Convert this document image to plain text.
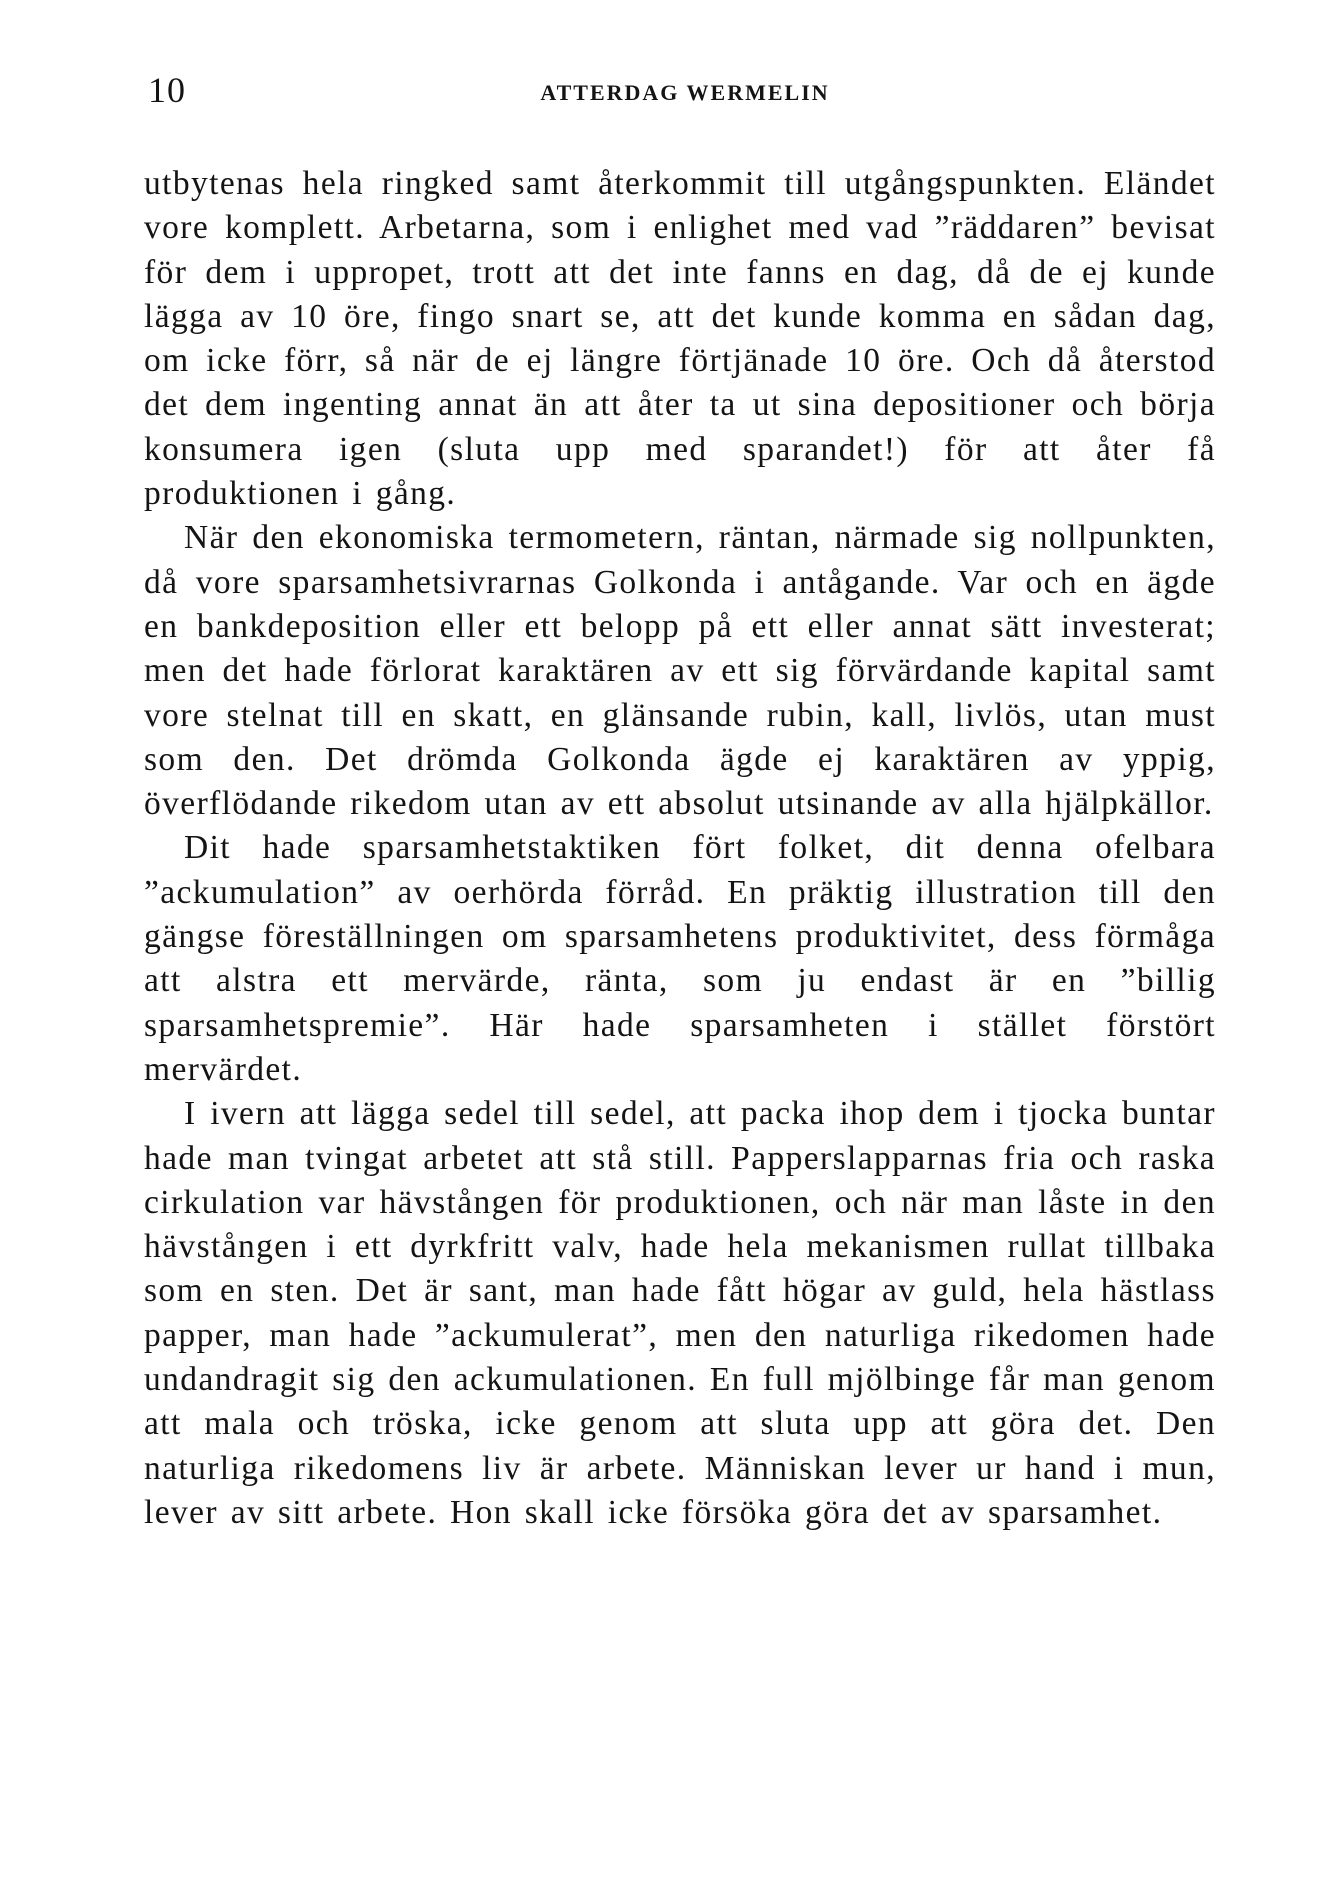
10	ATTERDAG WERMELIN

utbytenas hela ringked samt återkommit till utgångspunkten. Eländet vore komplett. Arbetarna, som i enlighet med vad ”räddaren” bevisat för dem i uppropet, trott att det inte fanns en dag, då de ej kunde lägga av 10 öre, fingo snart se, att det kunde komma en sådan dag, om icke förr, så när de ej längre förtjänade 10 öre. Och då återstod det dem ingenting annat än att åter ta ut sina depositioner och börja konsumera igen (sluta upp med sparandet!) för att åter få produktionen i gång.

När den ekonomiska termometern, räntan, närmade sig nollpunkten, då vore sparsamhetsivrarnas Golkonda i antågande. Var och en ägde en bankdeposition eller ett belopp på ett eller annat sätt investerat; men det hade förlorat karaktären av ett sig förvärdande kapital samt vore stelnat till en skatt, en glänsande rubin, kall, livlös, utan must som den. Det drömda Golkonda ägde ej karaktären av yppig, överflödande rikedom utan av ett absolut utsinande av alla hjälpkällor.

Dit hade sparsamhetstaktiken fört folket, dit denna ofelbara ”ackumulation” av oerhörda förråd. En präktig illustration till den gängse föreställningen om sparsamhetens produktivitet, dess förmåga att alstra ett mervärde, ränta, som ju endast är en ”billig sparsamhetspremie”. Här hade sparsamheten i stället förstört mervärdet.

I ivern att lägga sedel till sedel, att packa ihop dem i tjocka buntar hade man tvingat arbetet att stå still. Papperslapparnas fria och raska cirkulation var hävstången för produktionen, och när man låste in den hävstången i ett dyrkfritt valv, hade hela mekanismen rullat tillbaka som en sten. Det är sant, man hade fått högar av guld, hela hästlass papper, man hade ”ackumulerat”, men den naturliga rikedomen hade undandragit sig den ackumulationen. En full mjölbinge får man genom att mala och tröska, icke genom att sluta upp att göra det. Den naturliga rikedomens liv är arbete. Människan lever ur hand i mun, lever av sitt arbete. Hon skall icke försöka göra det av sparsamhet.
